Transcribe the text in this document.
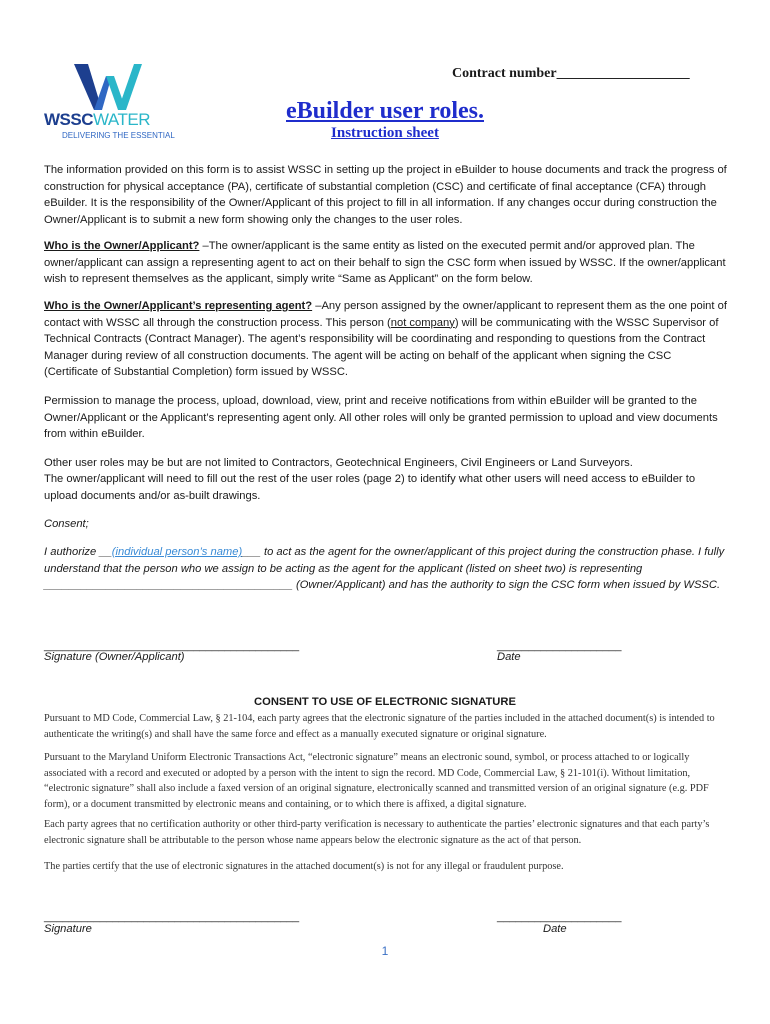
WSSCWATER
DELIVERING THE ESSENTIAL
Contract number___________________
eBuilder user roles.
Instruction sheet
The information provided on this form is to assist WSSC in setting up the project in eBuilder to house documents and track the progress of construction for physical acceptance (PA), certificate of substantial completion (CSC) and certificate of final acceptance (CFA) through eBuilder. It is the responsibility of the Owner/Applicant of this project to fill in all information. If any changes occur during construction the Owner/Applicant is to submit a new form showing only the changes to the user roles.
Who is the Owner/Applicant? –The owner/applicant is the same entity as listed on the executed permit and/or approved plan. The owner/applicant can assign a representing agent to act on their behalf to sign the CSC form when issued by WSSC. If the owner/applicant wish to represent themselves as the applicant, simply write “Same as Applicant” on the form below.
Who is the Owner/Applicant’s representing agent? –Any person assigned by the owner/applicant to represent them as the one point of contact with WSSC all through the construction process. This person (not company) will be communicating with the WSSC Supervisor of Technical Contracts (Contract Manager). The agent’s responsibility will be coordinating and responding to questions from the Contract Manager during review of all construction documents. The agent will be acting on behalf of the applicant when signing the CSC (Certificate of Substantial Completion) form issued by WSSC.
Permission to manage the process, upload, download, view, print and receive notifications from within eBuilder will be granted to the Owner/Applicant or the Applicant’s representing agent only. All other roles will only be granted permission to upload and view documents from within eBuilder.
Other user roles may be but are not limited to Contractors, Geotechnical Engineers, Civil Engineers or Land Surveyors.
The owner/applicant will need to fill out the rest of the user roles (page 2) to identify what other users will need access to eBuilder to upload documents and/or as-built drawings.
Consent;
I authorize __(individual person’s name)___ to act as the agent for the owner/applicant of this project during the construction phase. I fully understand that the person who we assign to be acting as the agent for the applicant (listed on sheet two) is representing ________________________________________ (Owner/Applicant) and has the authority to sign the CSC form when issued by WSSC.
_________________________________________
Signature (Owner/Applicant)
____________________
Date
CONSENT TO USE OF ELECTRONIC SIGNATURE
Pursuant to MD Code, Commercial Law, § 21-104, each party agrees that the electronic signature of the parties included in the attached document(s) is intended to authenticate the writing(s) and shall have the same force and effect as a manually executed signature or original signature.
Pursuant to the Maryland Uniform Electronic Transactions Act, “electronic signature” means an electronic sound, symbol, or process attached to or logically associated with a record and executed or adopted by a person with the intent to sign the record. MD Code, Commercial Law, § 21-101(i). Without limitation, “electronic signature” shall also include a faxed version of an original signature, electronically scanned and transmitted version of an original signature (e.g. PDF form), or a document transmitted by electronic means and containing, or to which there is affixed, a digital signature.
Each party agrees that no certification authority or other third-party verification is necessary to authenticate the parties’ electronic signatures and that each party’s electronic signature shall be attributable to the person whose name appears below the electronic signature as the act of that person.
The parties certify that the use of electronic signatures in the attached document(s) is not for any illegal or fraudulent purpose.
_________________________________________
Signature
____________________
Date
1
